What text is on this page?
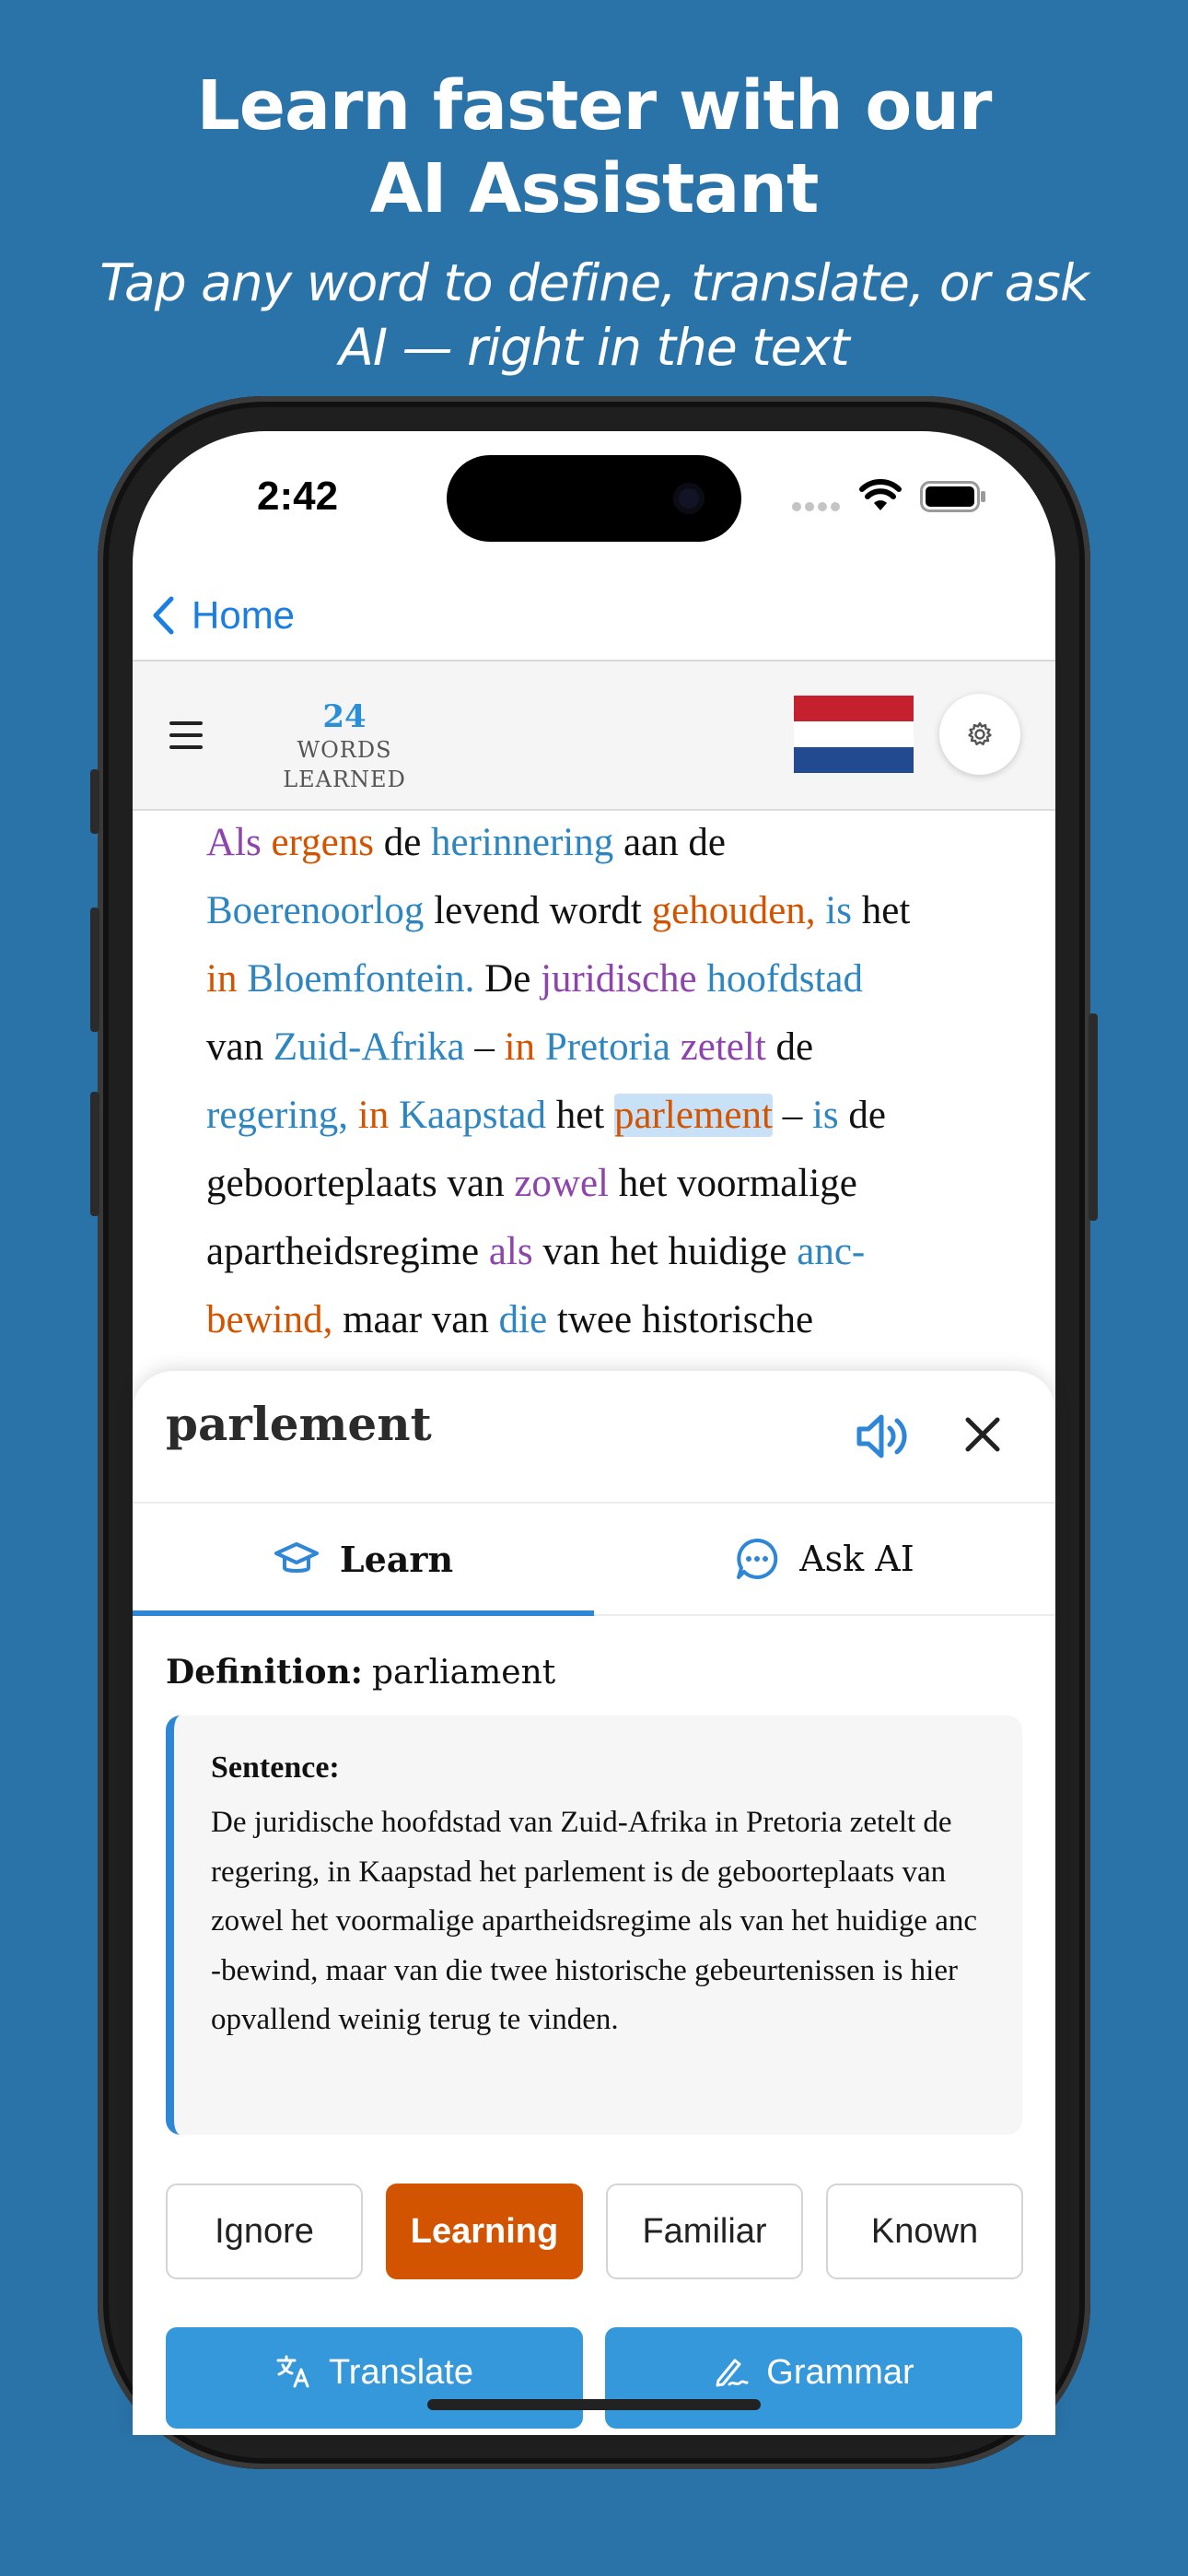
Learn faster with our
AI Assistant
Tap any word to define, translate, or ask
AI — right in the text
2:42
Home
24
WORDS LEARNED
Als ergens de herinnering aan de
Boerenoorlog levend wordt gehouden, is het
in Bloemfontein. De juridische hoofdstad
van Zuid-Afrika – in Pretoria zetelt de
regering, in Kaapstad het parlement – is de
geboorteplaats van zowel het voormalige
apartheidsregime als van het huidige anc-
bewind, maar van die twee historische

parlement
Learn	Ask AI
Definition: parliament
Sentence:
De juridische hoofdstad van Zuid-Afrika in Pretoria zetelt de regering, in Kaapstad het parlement is de geboorteplaats van zowel het voormalige apartheidsregime als van het huidige anc -bewind, maar van die twee historische gebeurtenissen is hier opvallend weinig terug te vinden.
Ignore	Learning	Familiar	Known
Translate	Grammar
